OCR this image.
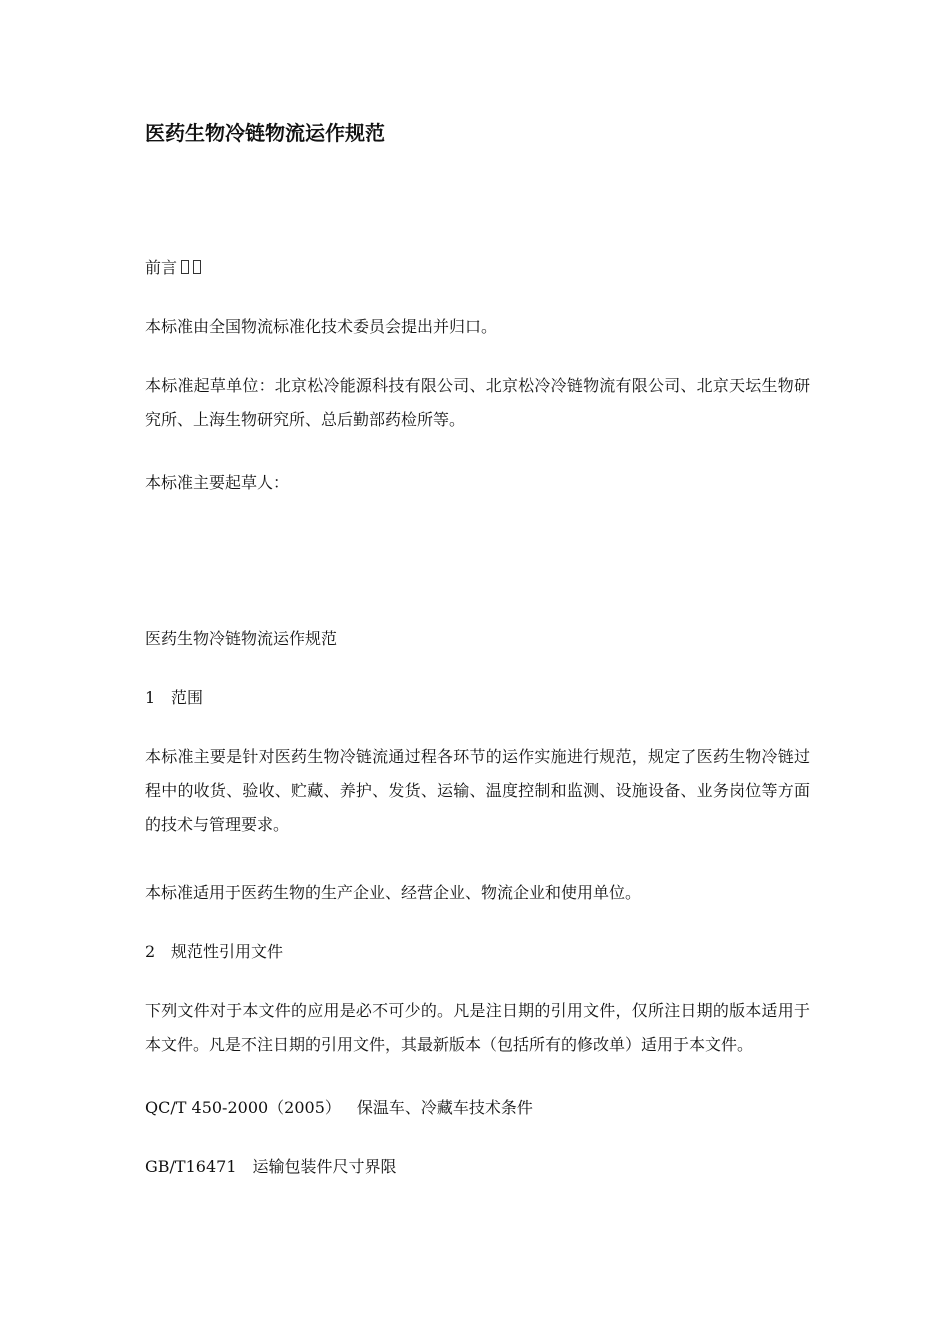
医药生物冷链物流运作规范

前言

本标准由全国物流标准化技术委员会提出并归口。

本标准起草单位：北京松冷能源科技有限公司、北京松冷冷链物流有限公司、北京天坛生物研究所、上海生物研究所、总后勤部药检所等。

本标准主要起草人：

医药生物冷链物流运作规范

1 范围

本标准主要是针对医药生物冷链流通过程各环节的运作实施进行规范，规定了医药生物冷链过程中的收货、验收、贮藏、养护、发货、运输、温度控制和监测、设施设备、业务岗位等方面的技术与管理要求。

本标准适用于医药生物的生产企业、经营企业、物流企业和使用单位。

2 规范性引用文件

下列文件对于本文件的应用是必不可少的。凡是注日期的引用文件，仅所注日期的版本适用于本文件。凡是不注日期的引用文件，其最新版本（包括所有的修改单）适用于本文件。

QC/T 450-2000（2005） 保温车、冷藏车技术条件

GB/T16471 运输包装件尺寸界限
